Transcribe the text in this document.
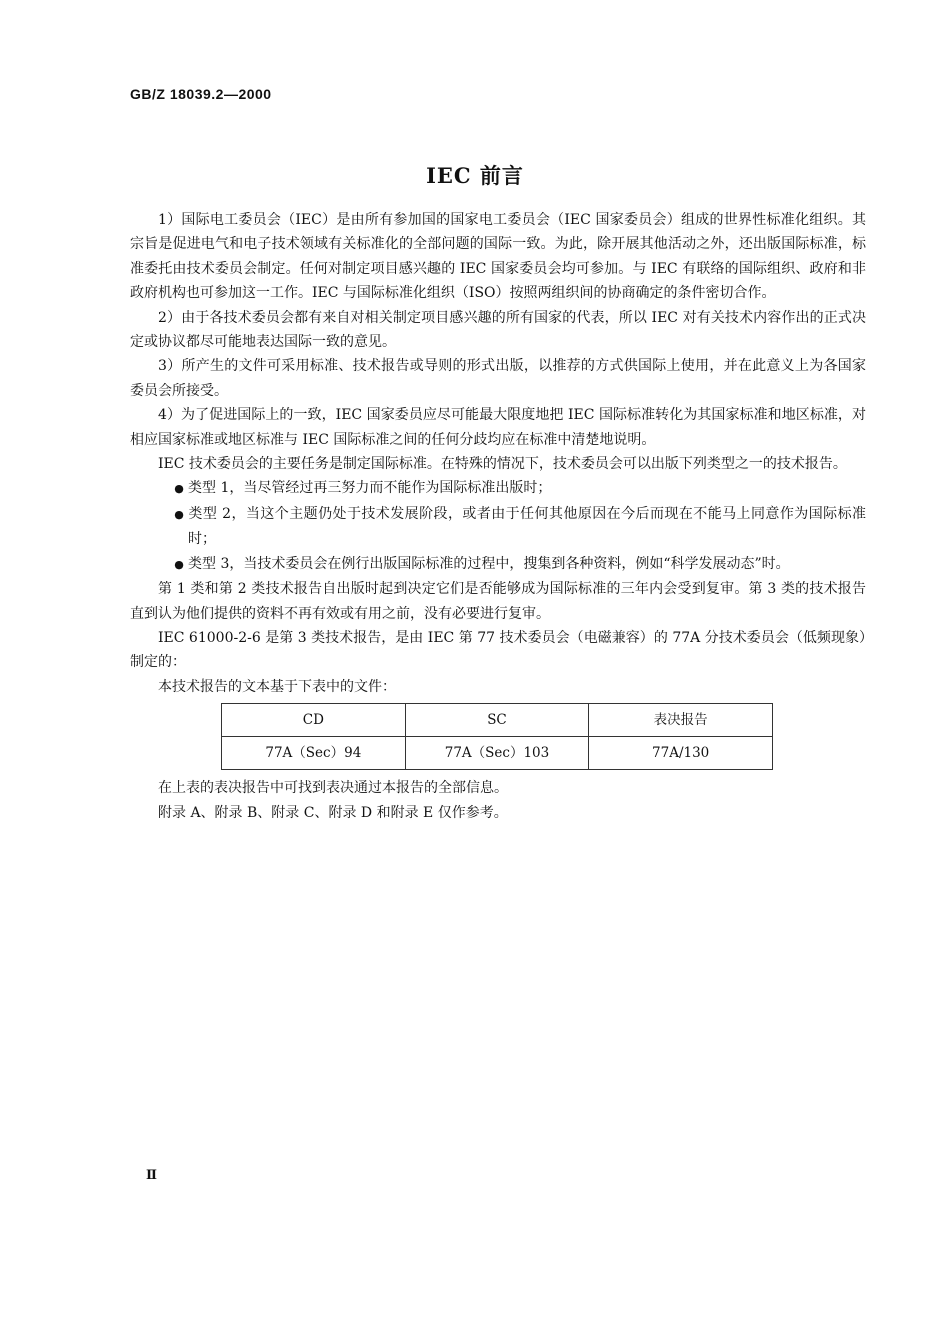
GB/Z 18039.2—2000
IEC 前言

1）国际电工委员会（IEC）是由所有参加国的国家电工委员会（IEC 国家委员会）组成的世界性标准化组织。其宗旨是促进电气和电子技术领域有关标准化的全部问题的国际一致。为此，除开展其他活动之外，还出版国际标准，标准委托由技术委员会制定。任何对制定项目感兴趣的 IEC 国家委员会均可参加。与 IEC 有联络的国际组织、政府和非政府机构也可参加这一工作。IEC 与国际标准化组织（ISO）按照两组织间的协商确定的条件密切合作。

2）由于各技术委员会都有来自对相关制定项目感兴趣的所有国家的代表，所以 IEC 对有关技术内容作出的正式决定或协议都尽可能地表达国际一致的意见。

3）所产生的文件可采用标准、技术报告或导则的形式出版，以推荐的方式供国际上使用，并在此意义上为各国家委员会所接受。

4）为了促进国际上的一致，IEC 国家委员应尽可能最大限度地把 IEC 国际标准转化为其国家标准和地区标准，对相应国家标准或地区标准与 IEC 国际标准之间的任何分歧均应在标准中清楚地说明。

IEC 技术委员会的主要任务是制定国际标准。在特殊的情况下，技术委员会可以出版下列类型之一的技术报告。

● 类型 1，当尽管经过再三努力而不能作为国际标准出版时；
● 类型 2，当这个主题仍处于技术发展阶段，或者由于任何其他原因在今后而现在不能马上同意作为国际标准时；
● 类型 3，当技术委员会在例行出版国际标准的过程中，搜集到各种资料，例如“科学发展动态”时。

第 1 类和第 2 类技术报告自出版时起到决定它们是否能够成为国际标准的三年内会受到复审。第 3 类的技术报告直到认为他们提供的资料不再有效或有用之前，没有必要进行复审。

IEC 61000-2-6 是第 3 类技术报告，是由 IEC 第 77 技术委员会（电磁兼容）的 77A 分技术委员会（低频现象）制定的：

本技术报告的文本基于下表中的文件：

CD	SC	表决报告
77A（Sec）94	77A（Sec）103	77A/130

在上表的表决报告中可找到表决通过本报告的全部信息。

附录 A、附录 B、附录 C、附录 D 和附录 E 仅作参考。

Ⅱ
